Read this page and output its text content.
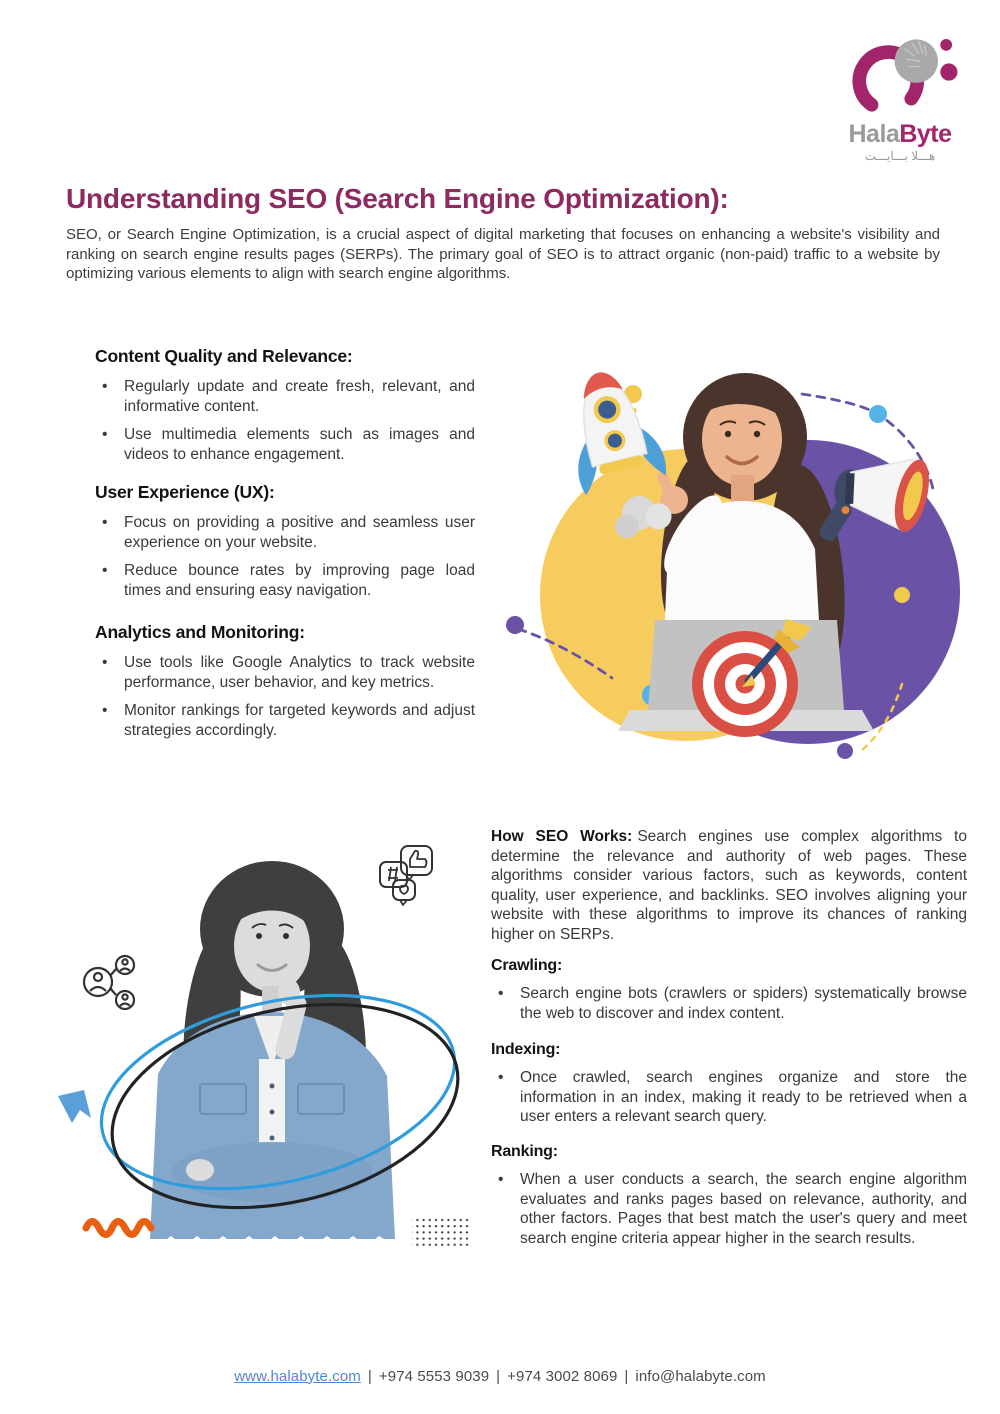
HalaByte
هـــلا بـــايـــت
Understanding SEO (Search Engine Optimization):

SEO, or Search Engine Optimization, is a crucial aspect of digital marketing that focuses on enhancing a website's visibility and ranking on search engine results pages (SERPs). The primary goal of SEO is to attract organic (non-paid) traffic to a website by optimizing various elements to align with search engine algorithms.

Content Quality and Relevance:
• Regularly update and create fresh, relevant, and informative content.
• Use multimedia elements such as images and videos to enhance engagement.
User Experience (UX):
• Focus on providing a positive and seamless user experience on your website.
• Reduce bounce rates by improving page load times and ensuring easy navigation.
Analytics and Monitoring:
• Use tools like Google Analytics to track website performance, user behavior, and key metrics.
• Monitor rankings for targeted keywords and adjust strategies accordingly.

How SEO Works: Search engines use complex algorithms to determine the relevance and authority of web pages. These algorithms consider various factors, such as keywords, content quality, user experience, and backlinks. SEO involves aligning your website with these algorithms to improve its chances of ranking higher on SERPs.

Crawling:
• Search engine bots (crawlers or spiders) systematically browse the web to discover and index content.
Indexing:
• Once crawled, search engines organize and store the information in an index, making it ready to be retrieved when a user enters a relevant search query.
Ranking:
• When a user conducts a search, the search engine algorithm evaluates and ranks pages based on relevance, authority, and other factors. Pages that best match the user's query and meet search engine criteria appear higher in the search results.
www.halabyte.com | +974 5553 9039 | +974 3002 8069 | info@halabyte.com
